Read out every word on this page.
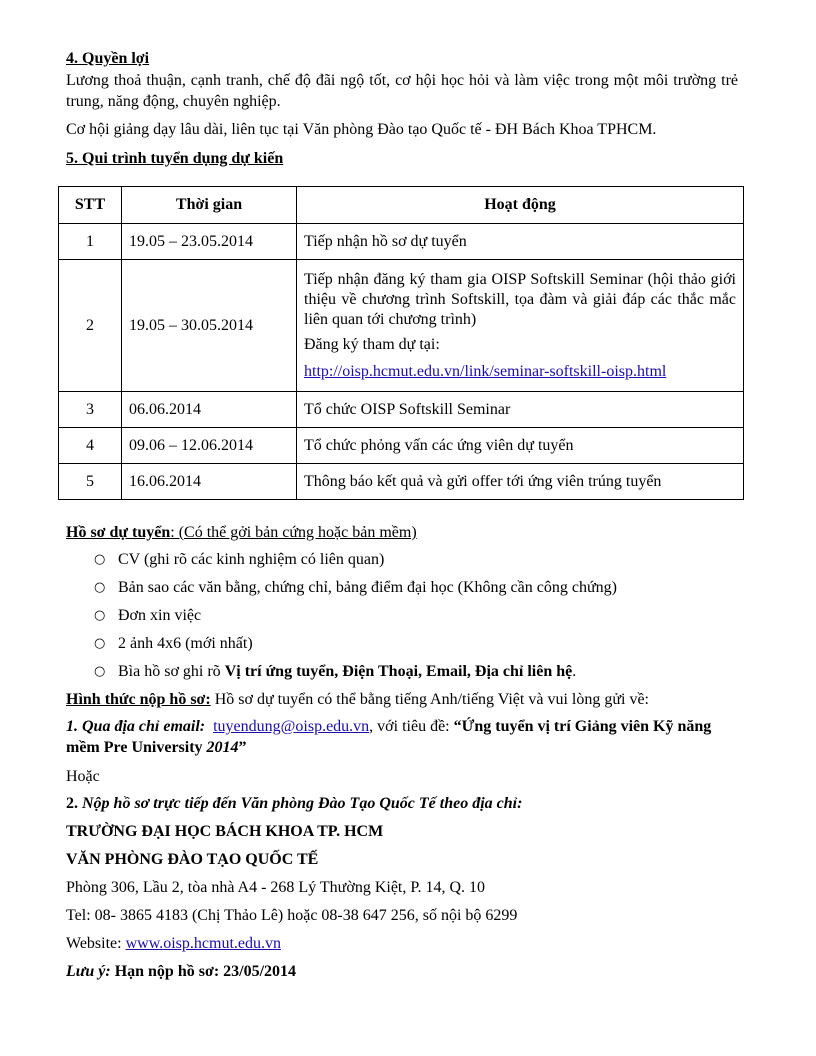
4. Quyền lợi

Lương thoả thuận, cạnh tranh, chế độ đãi ngộ tốt, cơ hội học hỏi và làm việc trong một môi trường trẻ trung, năng động, chuyên nghiệp.

Cơ hội giảng dạy lâu dài, liên tục tại Văn phòng Đào tạo Quốc tế - ĐH Bách Khoa TPHCM.

5. Qui trình tuyển dụng dự kiến

STT	Thời gian	Hoạt động
1	19.05 – 23.05.2014	Tiếp nhận hồ sơ dự tuyển
2	19.05 – 30.05.2014	Tiếp nhận đăng ký tham gia OISP Softskill Seminar (hội thảo giới thiệu về chương trình Softskill, tọa đàm và giải đáp các thắc mắc liên quan tới chương trình)
Đăng ký tham dự tại:
http://oisp.hcmut.edu.vn/link/seminar-softskill-oisp.html

3	06.06.2014	Tổ chức OISP Softskill Seminar
4	09.06 – 12.06.2014	Tổ chức phỏng vấn các ứng viên dự tuyển
5	16.06.2014	Thông báo kết quả và gửi offer tới ứng viên trúng tuyển

Hồ sơ dự tuyển: (Có thể gởi bản cứng hoặc bản mềm)

○ CV (ghi rõ các kinh nghiệm có liên quan)
○ Bản sao các văn bằng, chứng chỉ, bảng điểm đại học (Không cần công chứng)
○ Đơn xin việc
○ 2 ảnh 4x6 (mới nhất)
○ Bìa hồ sơ ghi rõ Vị trí ứng tuyển, Điện Thoại, Email, Địa chỉ liên hệ.

Hình thức nộp hồ sơ: Hồ sơ dự tuyển có thể bằng tiếng Anh/tiếng Việt và vui lòng gửi về:

1. Qua địa chỉ email: tuyendung@oisp.edu.vn, với tiêu đề: “Ứng tuyển vị trí Giảng viên Kỹ năng mềm Pre University 2014”

Hoặc

2. Nộp hồ sơ trực tiếp đến Văn phòng Đào Tạo Quốc Tế theo địa chỉ:

TRƯỜNG ĐẠI HỌC BÁCH KHOA TP. HCM

VĂN PHÒNG ĐÀO TẠO QUỐC TẾ

Phòng 306, Lầu 2, tòa nhà A4 - 268 Lý Thường Kiệt, P. 14, Q. 10

Tel: 08- 3865 4183 (Chị Thảo Lê) hoặc 08-38 647 256, số nội bộ 6299

Website: www.oisp.hcmut.edu.vn

Lưu ý: Hạn nộp hồ sơ: 23/05/2014
